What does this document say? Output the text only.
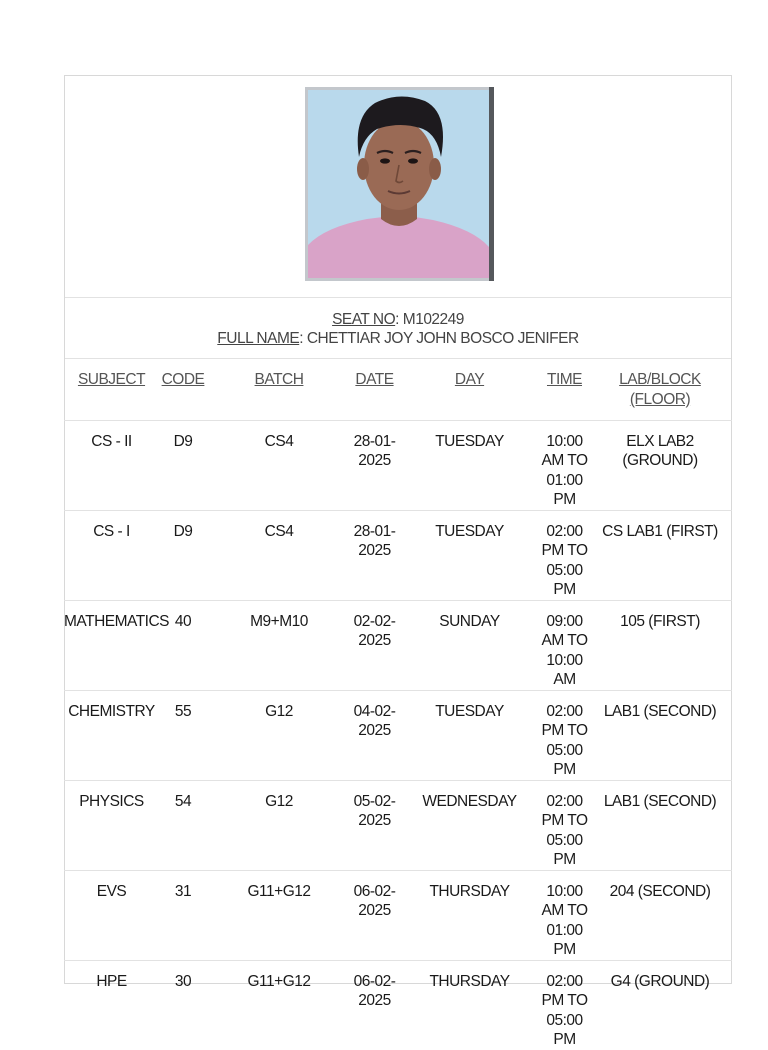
SEAT NO: M102249
FULL NAME: CHETTIAR JOY JOHN BOSCO JENIFER
SUBJECT	CODE	BATCH	DATE	DAY	TIME	LAB/BLOCK (FLOOR)
CS - II	D9	CS4	28-01-2025	TUESDAY	10:00 AM TO 01:00 PM	ELX LAB2 (GROUND)
CS - I	D9	CS4	28-01-2025	TUESDAY	02:00 PM TO 05:00 PM	CS LAB1 (FIRST)
MATHEMATICS	40	M9+M10	02-02-2025	SUNDAY	09:00 AM TO 10:00 AM	105 (FIRST)
CHEMISTRY	55	G12	04-02-2025	TUESDAY	02:00 PM TO 05:00 PM	LAB1 (SECOND)
PHYSICS	54	G12	05-02-2025	WEDNESDAY	02:00 PM TO 05:00 PM	LAB1 (SECOND)
EVS	31	G11+G12	06-02-2025	THURSDAY	10:00 AM TO 01:00 PM	204 (SECOND)
HPE	30	G11+G12	06-02-2025	THURSDAY	02:00 PM TO 05:00 PM	G4 (GROUND)
